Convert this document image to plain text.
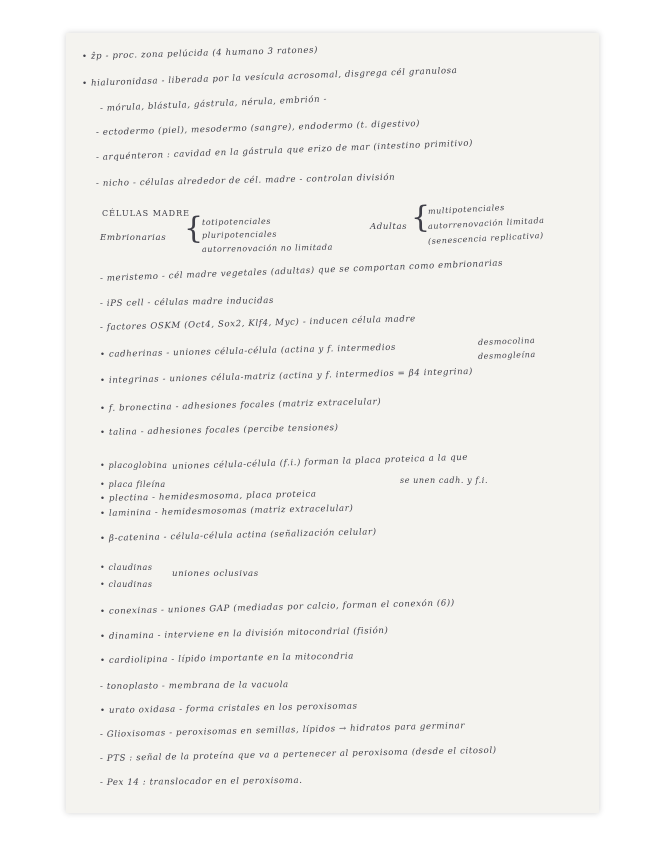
• ẑp - proc. zona pelúcida (4 humano 3 ratones)
• hialuronidasa - liberada por la vesícula acrosomal, disgrega cél granulosa
- mórula, blástula, gástrula, nérula, embrión -
- ectodermo (piel), mesodermo (sangre), endodermo (t. digestivo)
- arquénteron : cavidad en la gástrula que erizo de mar (intestino primitivo)
- nicho - células alrededor de cél. madre - controlan división
CÉLULAS MADRE
Embrionarias {
totipotenciales
pluripotenciales
autorrenovación no limitada
Adultas {
multipotenciales
autorrenovación limitada
(senescencia replicativa)
- meristemo - cél madre vegetales (adultas) que se comportan como embrionarias
- iPS cell - células madre inducidas
- factores OSKM (Oct4, Sox2, Klf4, Myc) - inducen célula madre
desmocolina
• cadherinas - uniones célula-célula (actina y f. intermedios	desmogleína
• integrinas - uniones célula-matriz (actina y f. intermedios = β4 integrina)
• f. bronectina - adhesiones focales (matriz extracelular)
• talina - adhesiones focales (percibe tensiones)
• placoglobina
• placa fileína
uniones célula-célula (f.i.) forman la placa proteica a la que
se unen cadh. y f.i.
• plectina - hemidesmosoma, placa proteica
• laminina - hemidesmosomas (matriz extracelular)
• β-catenina - célula-célula actina (señalización celular)
• claudinas
• claudinas
uniones oclusivas
• conexinas - uniones GAP (mediadas por calcio, forman el conexón (6))
• dinamina - interviene en la división mitocondrial (fisión)
• cardiolipina - lípido importante en la mitocondria
- tonoplasto - membrana de la vacuola
• urato oxidasa - forma cristales en los peroxisomas
- Glioxisomas - peroxisomas en semillas, lípidos → hidratos para germinar
- PTS : señal de la proteína que va a pertenecer al peroxisoma (desde el citosol)
- Pex 14 : translocador en el peroxisoma.
